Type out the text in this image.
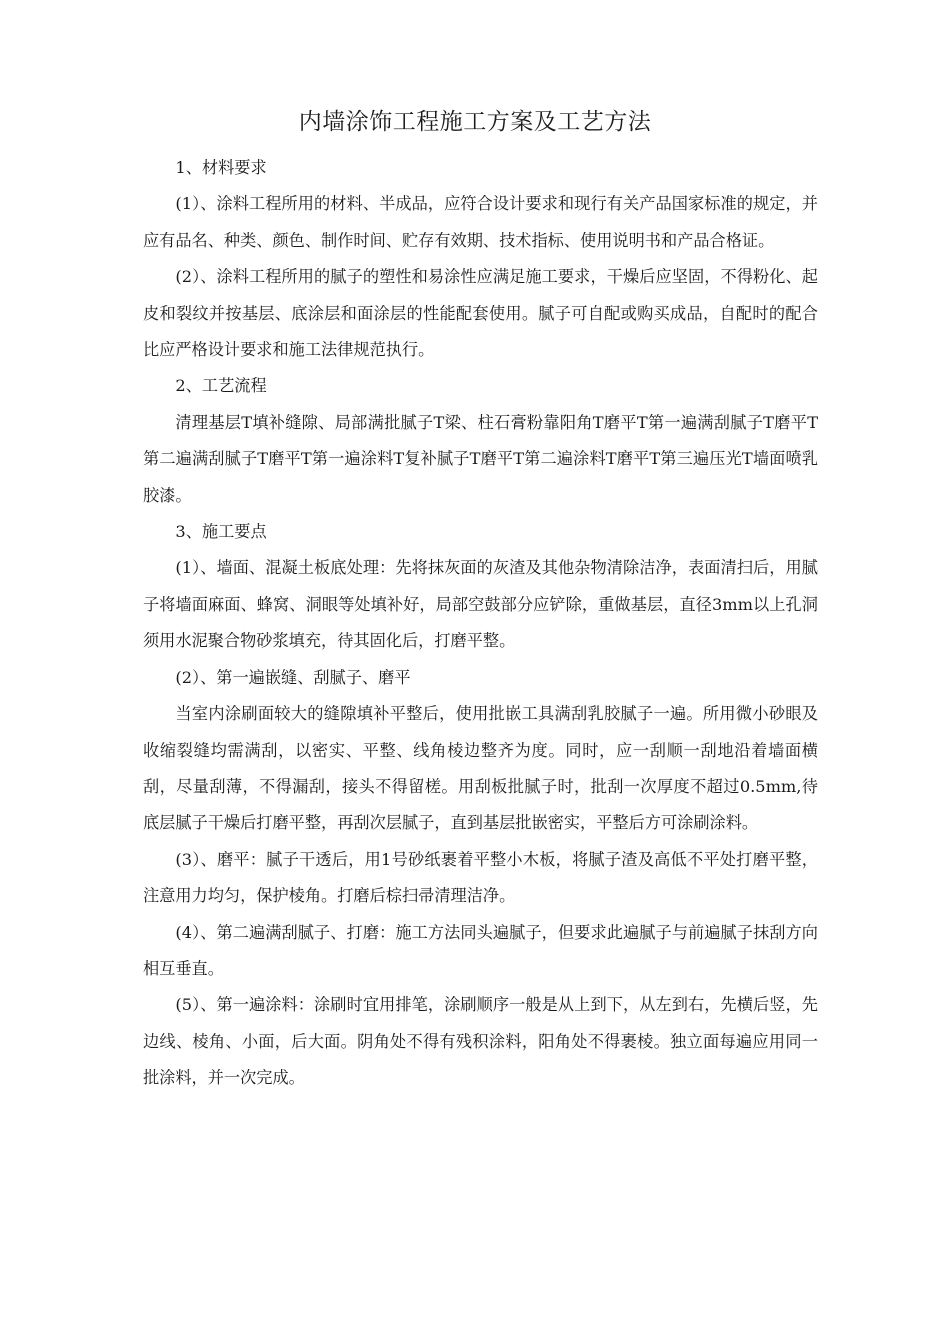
内墙涂饰工程施工方案及工艺方法

1、材料要求

(1）、涂料工程所用的材料、半成品，应符合设计要求和现行有关产品国家标准的规定，并应有品名、种类、颜色、制作时间、贮存有效期、技术指标、使用说明书和产品合格证。

(2）、涂料工程所用的腻子的塑性和易涂性应满足施工要求，干燥后应坚固，不得粉化、起皮和裂纹并按基层、底涂层和面涂层的性能配套使用。腻子可自配或购买成品，自配时的配合比应严格设计要求和施工法律规范执行。

2、工艺流程

清理基层T填补缝隙、局部满批腻子T梁、柱石膏粉靠阳角T磨平T第一遍满刮腻子T磨平T第二遍满刮腻子T磨平T第一遍涂料T复补腻子T磨平T第二遍涂料T磨平T第三遍压光T墙面喷乳胶漆。

3、施工要点

(1）、墙面、混凝土板底处理：先将抹灰面的灰渣及其他杂物清除洁净，表面清扫后，用腻子将墙面麻面、蜂窝、洞眼等处填补好，局部空鼓部分应铲除，重做基层，直径3mm以上孔洞须用水泥聚合物砂浆填充，待其固化后，打磨平整。

(2）、第一遍嵌缝、刮腻子、磨平

当室内涂刷面较大的缝隙填补平整后，使用批嵌工具满刮乳胶腻子一遍。所用微小砂眼及收缩裂缝均需满刮，以密实、平整、线角棱边整齐为度。同时，应一刮顺一刮地沿着墙面横刮，尽量刮薄，不得漏刮，接头不得留槎。用刮板批腻子时，批刮一次厚度不超过0.5mm,待底层腻子干燥后打磨平整，再刮次层腻子，直到基层批嵌密实，平整后方可涂刷涂料。

(3）、磨平：腻子干透后，用1号砂纸裹着平整小木板，将腻子渣及高低不平处打磨平整，注意用力均匀，保护棱角。打磨后棕扫帚清理洁净。

(4）、第二遍满刮腻子、打磨：施工方法同头遍腻子，但要求此遍腻子与前遍腻子抹刮方向相互垂直。

(5）、第一遍涂料：涂刷时宜用排笔，涂刷顺序一般是从上到下，从左到右，先横后竖，先边线、棱角、小面，后大面。阴角处不得有残积涂料，阳角处不得裹棱。独立面每遍应用同一批涂料，并一次完成。
